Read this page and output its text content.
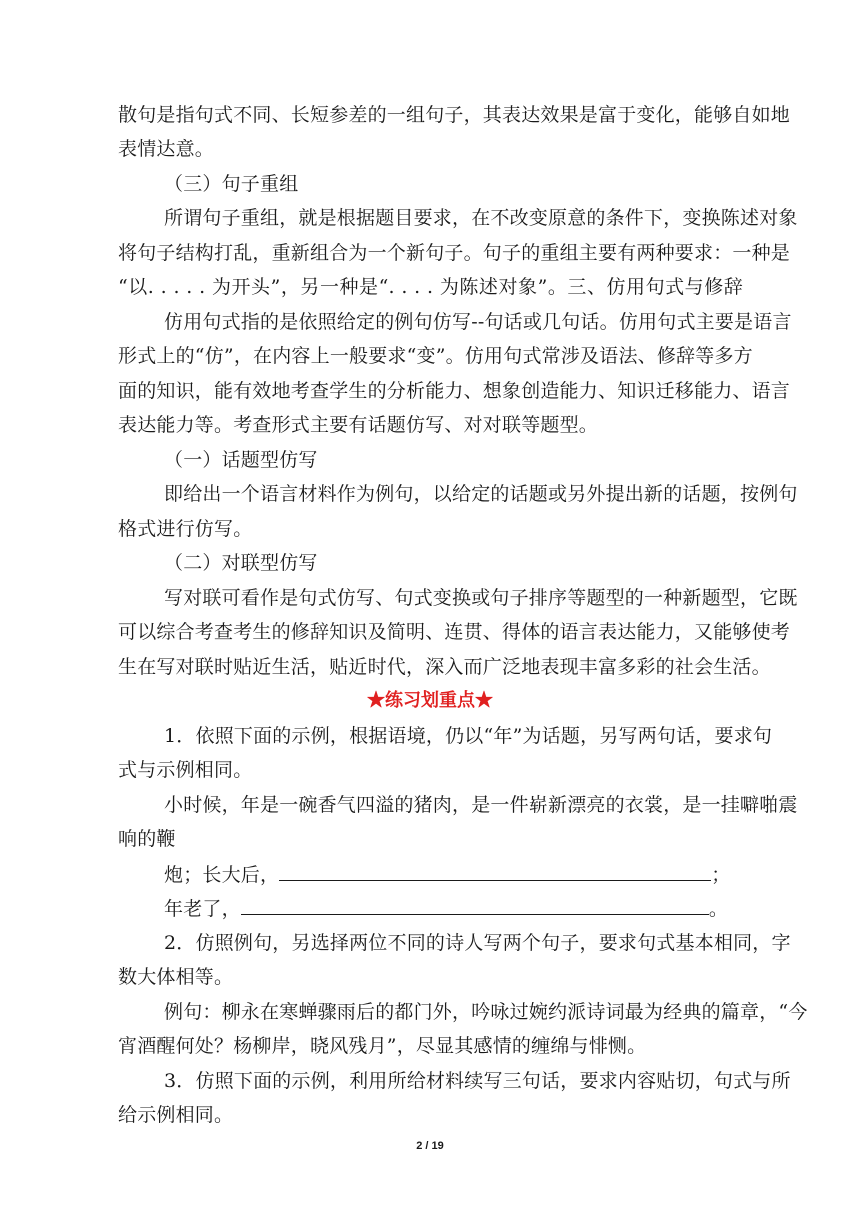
散句是指句式不同、长短参差的一组句子，其表达效果是富于变化，能够自如地
表情达意。
（三）句子重组
所谓句子重组，就是根据题目要求，在不改变原意的条件下，变换陈述对象
将句子结构打乱，重新组合为一个新句子。句子的重组主要有两种要求：一种是
“以. . . . . 为开头”，另一种是“. . . . 为陈述对象”。三、仿用句式与修辞
仿用句式指的是依照给定的例句仿写--句话或几句话。仿用句式主要是语言
形式上的“仿”，在内容上一般要求“变”。仿用句式常涉及语法、修辞等多方
面的知识，能有效地考查学生的分析能力、想象创造能力、知识迁移能力、语言
表达能力等。考查形式主要有话题仿写、对对联等题型。
（一）话题型仿写
即给出一个语言材料作为例句，以给定的话题或另外提出新的话题，按例句
格式进行仿写。
（二）对联型仿写
写对联可看作是句式仿写、句式变换或句子排序等题型的一种新题型，它既
可以综合考查考生的修辞知识及简明、连贯、得体的语言表达能力，又能够使考
生在写对联时贴近生活，贴近时代，深入而广泛地表现丰富多彩的社会生活。
★练习划重点★
1．依照下面的示例，根据语境，仍以“年”为话题，另写两句话，要求句
式与示例相同。
小时候，年是一碗香气四溢的猪肉，是一件崭新漂亮的衣裳，是一挂噼啪震
响的鞭
炮；长大后，	；
年老了，	。
2．仿照例句，另选择两位不同的诗人写两个句子，要求句式基本相同，字
数大体相等。
例句：柳永在寒蝉骤雨后的都门外，吟咏过婉约派诗词最为经典的篇章，“今
宵酒醒何处？杨柳岸，晓风残月”，尽显其感情的缠绵与悱恻。
3．仿照下面的示例，利用所给材料续写三句话，要求内容贴切，句式与所
给示例相同。
2 / 19
